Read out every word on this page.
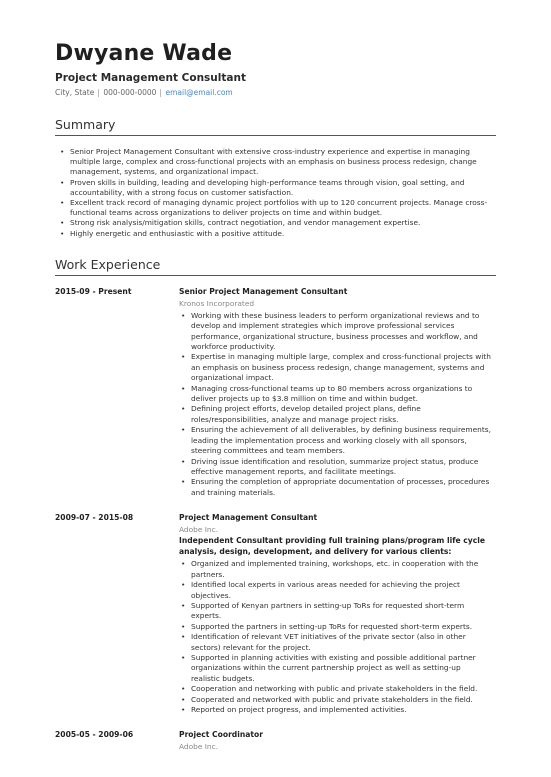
Dwyane Wade
Project Management Consultant
City, State 000-000-0000 email@email.com
Summary
• Senior Project Management Consultant with extensive cross-industry experience and expertise in managing multiple large, complex and cross-functional projects with an emphasis on business process redesign, change management, systems, and organizational impact.
• Proven skills in building, leading and developing high-performance teams through vision, goal setting, and accountability, with a strong focus on customer satisfaction.
• Excellent track record of managing dynamic project portfolios with up to 120 concurrent projects. Manage cross-functional teams across organizations to deliver projects on time and within budget.
• Strong risk analysis/mitigation skills, contract negotiation, and vendor management expertise.
• Highly energetic and enthusiastic with a positive attitude.
Work Experience
2015-09 - Present	Senior Project Management Consultant
Kronos Incorporated
• Working with these business leaders to perform organizational reviews and to develop and implement strategies which improve professional services performance, organizational structure, business processes and workflow, and workforce productivity.
• Expertise in managing multiple large, complex and cross-functional projects with an emphasis on business process redesign, change management, systems and organizational impact.
• Managing cross-functional teams up to 80 members across organizations to deliver projects up to $3.8 million on time and within budget.
• Defining project efforts, develop detailed project plans, define roles/responsibilities, analyze and manage project risks.
• Ensuring the achievement of all deliverables, by defining business requirements, leading the implementation process and working closely with all sponsors, steering committees and team members.
• Driving issue identification and resolution, summarize project status, produce effective management reports, and facilitate meetings.
• Ensuring the completion of appropriate documentation of processes, procedures and training materials.
2009-07 - 2015-08	Project Management Consultant
Adobe Inc.
Independent Consultant providing full training plans/program life cycle analysis, design, development, and delivery for various clients:
• Organized and implemented training, workshops, etc. in cooperation with the partners.
• Identified local experts in various areas needed for achieving the project objectives.
• Supported of Kenyan partners in setting-up ToRs for requested short-term experts.
• Supported the partners in setting-up ToRs for requested short-term experts.
• Identification of relevant VET initiatives of the private sector (also in other sectors) relevant for the project.
• Supported in planning activities with existing and possible additional partner organizations within the current partnership project as well as setting-up realistic budgets.
• Cooperation and networking with public and private stakeholders in the field.
• Cooperated and networked with public and private stakeholders in the field.
• Reported on project progress, and implemented activities.
2005-05 - 2009-06	Project Coordinator
Adobe Inc.
